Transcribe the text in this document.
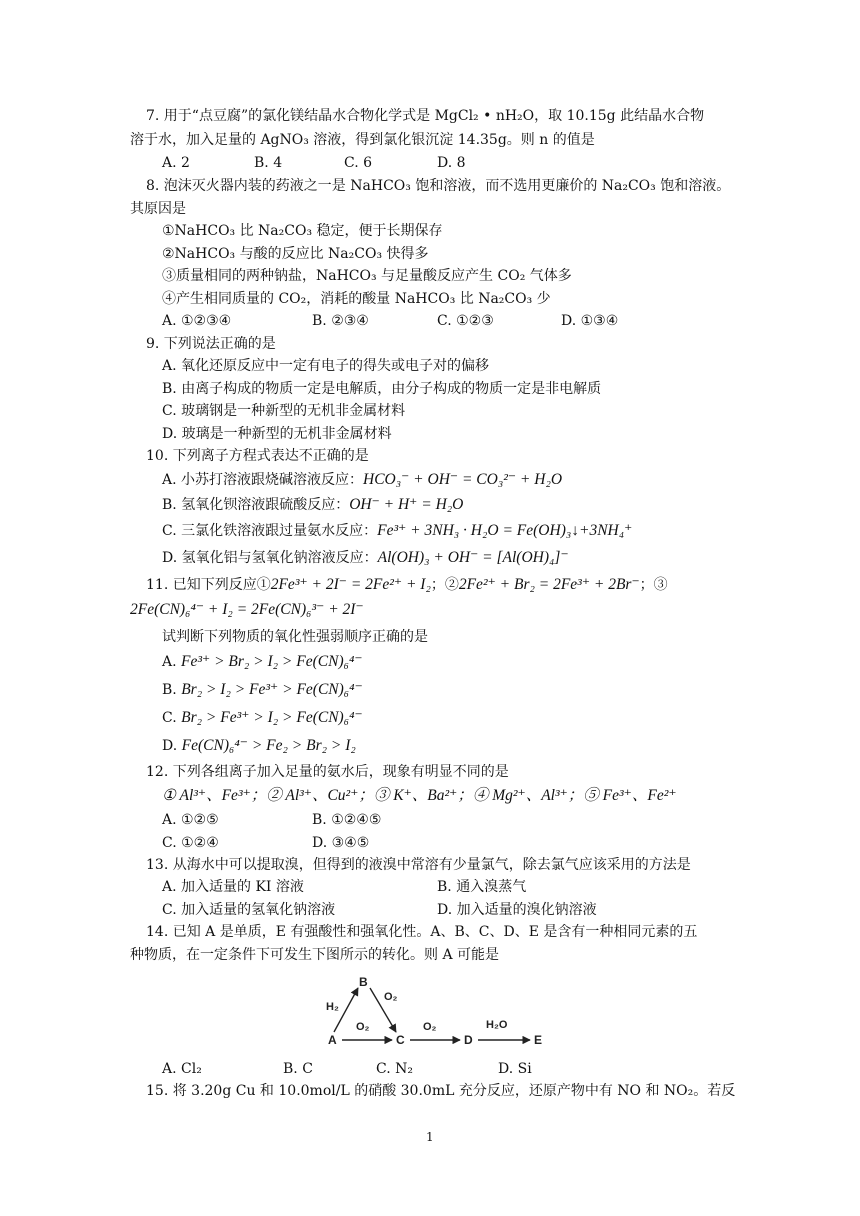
7. 用于“点豆腐”的氯化镁结晶水合物化学式是 MgCl₂ • nH₂O，取 10.15g 此结晶水合物
溶于水，加入足量的 AgNO₃ 溶液，得到氯化银沉淀 14.35g。则 n 的值是
A. 2	B. 4	C. 6	D. 8
8. 泡沫灭火器内装的药液之一是 NaHCO₃ 饱和溶液，而不选用更廉价的 Na₂CO₃ 饱和溶液。
其原因是
①NaHCO₃ 比 Na₂CO₃ 稳定，便于长期保存
②NaHCO₃ 与酸的反应比 Na₂CO₃ 快得多
③质量相同的两种钠盐，NaHCO₃ 与足量酸反应产生 CO₂ 气体多
④产生相同质量的 CO₂，消耗的酸量 NaHCO₃ 比 Na₂CO₃ 少
A. ①②③④	B. ②③④	C. ①②③	D. ①③④
9. 下列说法正确的是
A. 氧化还原反应中一定有电子的得失或电子对的偏移
B. 由离子构成的物质一定是电解质，由分子构成的物质一定是非电解质
C. 玻璃钢是一种新型的无机非金属材料
D. 玻璃是一种新型的无机非金属材料
10. 下列离子方程式表达不正确的是
A. 小苏打溶液跟烧碱溶液反应：HCO₃⁻ + OH⁻ = CO₃²⁻ + H₂O
B. 氢氧化钡溶液跟硫酸反应：OH⁻ + H⁺ = H₂O
C. 三氯化铁溶液跟过量氨水反应：Fe³⁺ + 3NH₃ · H₂O = Fe(OH)₃↓+3NH₄⁺
D. 氢氧化铝与氢氧化钠溶液反应：Al(OH)₃ + OH⁻ = [Al(OH)₄]⁻
11. 已知下列反应①2Fe³⁺ + 2I⁻ = 2Fe²⁺ + I₂；②2Fe²⁺ + Br₂ = 2Fe³⁺ + 2Br⁻；③
2Fe(CN)₆⁴⁻ + I₂ = 2Fe(CN)₆³⁻ + 2I⁻
试判断下列物质的氧化性强弱顺序正确的是
A. Fe³⁺ > Br₂ > I₂ > Fe(CN)₆⁴⁻
B. Br₂ > I₂ > Fe³⁺ > Fe(CN)₆⁴⁻
C. Br₂ > Fe³⁺ > I₂ > Fe(CN)₆⁴⁻
D. Fe(CN)₆⁴⁻ > Fe₂ > Br₂ > I₂
12. 下列各组离子加入足量的氨水后，现象有明显不同的是
① Al³⁺、Fe³⁺；② Al³⁺、Cu²⁺；③ K⁺、Ba²⁺；④ Mg²⁺、Al³⁺；⑤ Fe³⁺、Fe²⁺
A. ①②⑤	B. ①②④⑤
C. ①②④	D. ③④⑤
13. 从海水中可以提取溴，但得到的液溴中常溶有少量氯气，除去氯气应该采用的方法是
A. 加入适量的 KI 溶液	B. 通入溴蒸气
C. 加入适量的氢氧化钠溶液	D. 加入适量的溴化钠溶液
14. 已知 A 是单质，E 有强酸性和强氧化性。A、B、C、D、E 是含有一种相同元素的五
种物质，在一定条件下可发生下图所示的转化。则 A 可能是
A
B
C	D	E
H₂
O₂
O₂	O₂	H₂O
A. Cl₂	B. C	C. N₂	D. Si
15. 将 3.20g Cu 和 10.0mol/L 的硝酸 30.0mL 充分反应，还原产物中有 NO 和 NO₂。若反
1
